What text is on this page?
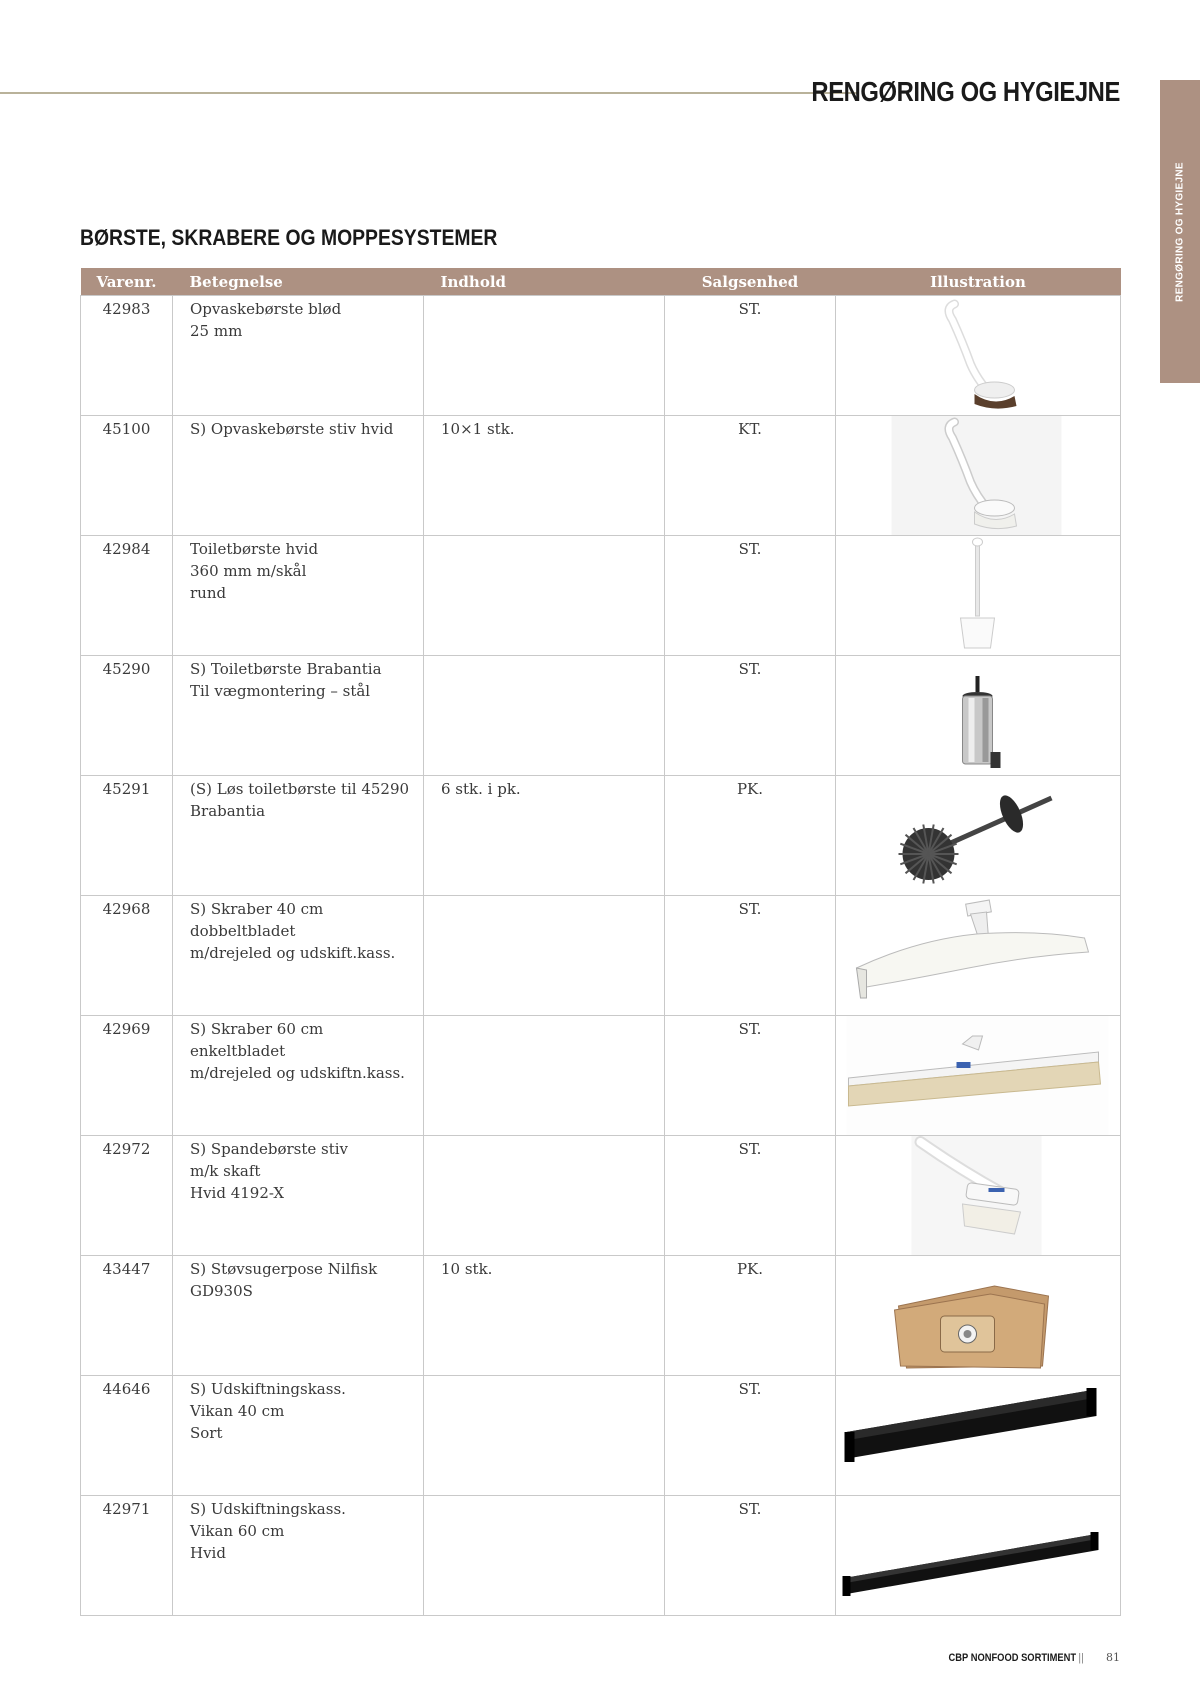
RENGØRING OG HYGIEJNE
RENGØRING OG HYGIEJNE
BØRSTE, SKRABERE OG MOPPESYSTEMER
Varenr.	Betegnelse	Indhold	Salgsenhed	Illustration
42983	Opvaskebørste blød
25 mm		ST.	

45100	S) Opvaskebørste stiv hvid	10×1 stk.	KT.	

42984	Toiletbørste hvid
360 mm m/skål
rund		ST.	

45290	S) Toiletbørste Brabantia
Til vægmontering – stål		ST.	

45291	(S) Løs toiletbørste til 45290
Brabantia	6 stk. i pk.	PK.	

42968	S) Skraber 40 cm
dobbeltbladet
m/drejeled og udskift.kass.		ST.	

42969	S) Skraber 60 cm
enkeltbladet
m/drejeled og udskiftn.kass.		ST.	

42972	S) Spandebørste stiv
m/k skaft
Hvid 4192-X		ST.	

43447	S) Støvsugerpose Nilfisk
GD930S	10 stk.	PK.	

44646	S) Udskiftningskass.
Vikan 40 cm
Sort		ST.	

42971	S) Udskiftningskass.
Vikan 60 cm
Hvid		ST.	
CBP NONFOOD SORTIMENT || 81
